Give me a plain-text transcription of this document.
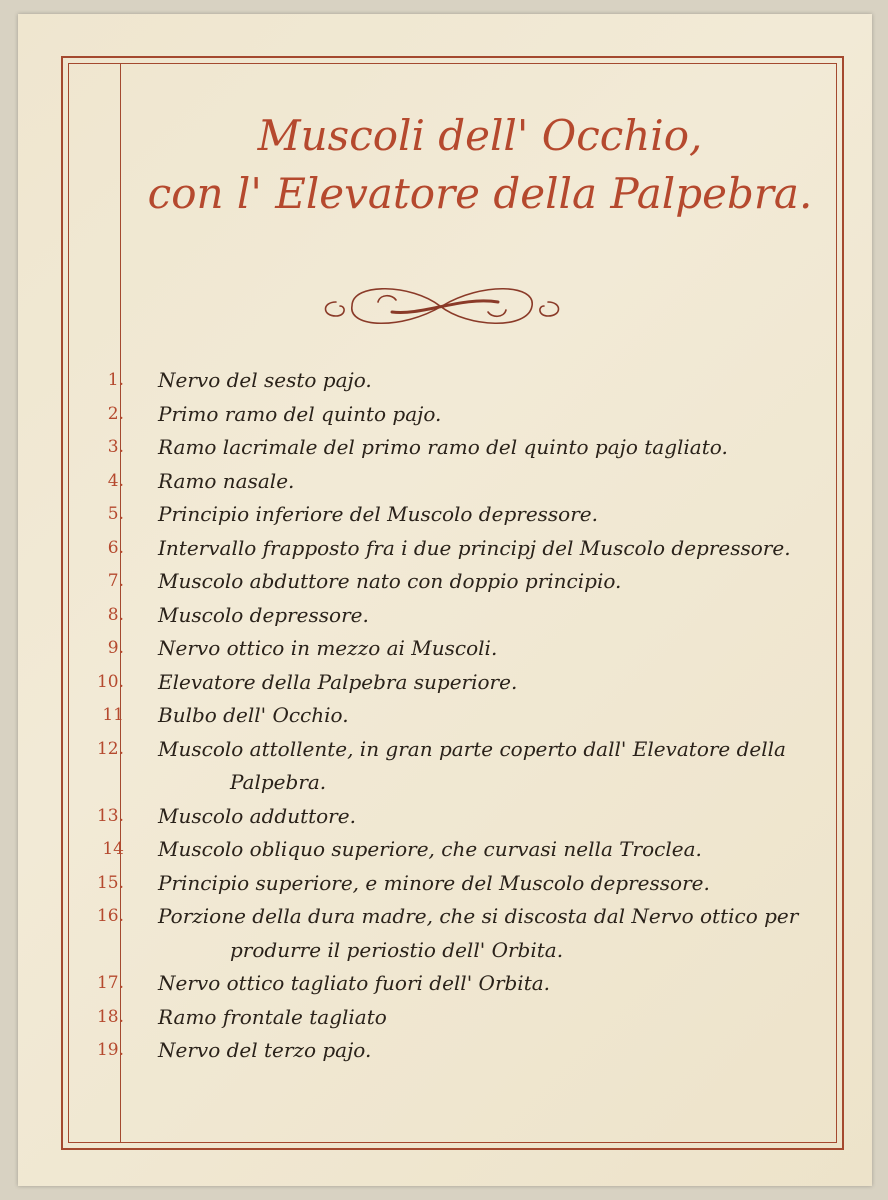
Muscoli dell' Occhio,
con l' Elevatore della Palpebra.
1. Nervo del sesto pajo.
2. Primo ramo del quinto pajo.
3. Ramo lacrimale del primo ramo del quinto pajo tagliato.
4. Ramo nasale.
5. Principio inferiore del Muscolo depressore.
6. Intervallo frapposto fra i due principj del Muscolo depressore.
7. Muscolo abduttore nato con doppio principio.
8. Muscolo depressore.
9. Nervo ottico in mezzo ai Muscoli.
10. Elevatore della Palpebra superiore.
11 Bulbo dell' Occhio.
12. Muscolo attollente, in gran parte coperto dall' Elevatore della
Palpebra.
13. Muscolo adduttore.
14 Muscolo obliquo superiore, che curvasi nella Troclea.
15. Principio superiore, e minore del Muscolo depressore.
16. Porzione della dura madre, che si discosta dal Nervo ottico per
produrre il periostio dell' Orbita.
17. Nervo ottico tagliato fuori dell' Orbita.
18. Ramo frontale tagliato
19. Nervo del terzo pajo.
